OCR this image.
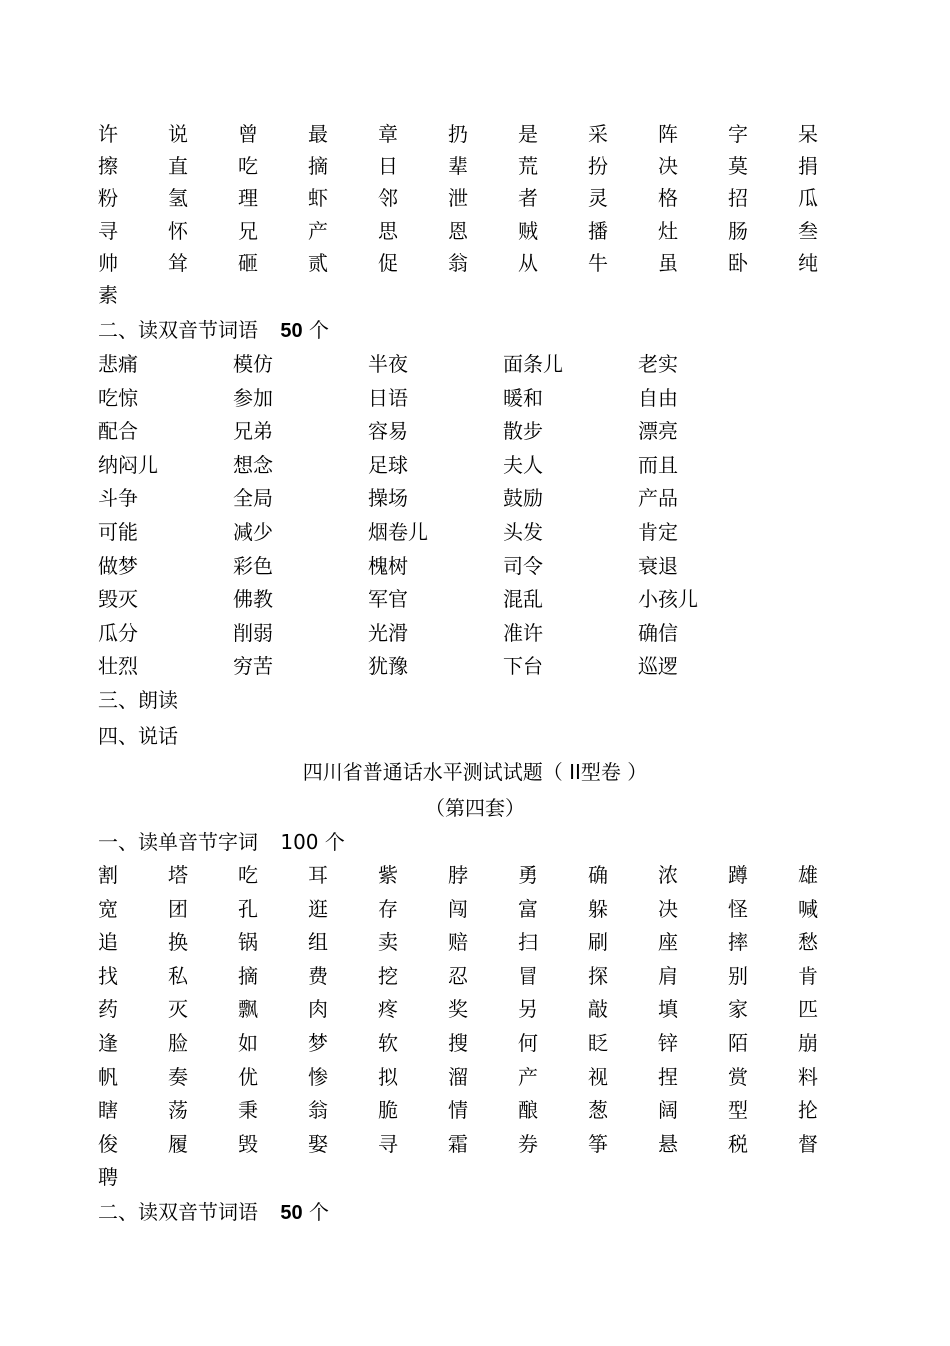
许	说	曾	最	章	扔	是	采	阵	字	呆
擦	直	吃	摘	日	辈	荒	扮	决	莫	捐
粉	氢	理	虾	邻	泄	者	灵	格	招	瓜
寻	怀	兄	产	思	恩	贼	播	灶	肠	叁
帅	耸	砸	贰	促	翁	从	牛	虽	卧	纯
素
二、读双音节词语 50 个
悲痛	模仿	半夜	面条儿	老实
吃惊	参加	日语	暖和	自由
配合	兄弟	容易	散步	漂亮
纳闷儿	想念	足球	夫人	而且
斗争	全局	操场	鼓励	产品
可能	减少	烟卷儿	头发	肯定
做梦	彩色	槐树	司令	衰退
毁灭	佛教	军官	混乱	小孩儿
瓜分	削弱	光滑	准许	确信
壮烈	穷苦	犹豫	下台	巡逻
三、朗读
四、说话
四川省普通话水平测试试题（ II型卷 ）
（第四套）
一、读单音节字词 100 个
割	塔	吃	耳	紫	脖	勇	确	浓	蹲	雄
宽	团	孔	逛	存	闯	富	躲	决	怪	喊
追	换	锅	组	卖	赔	扫	刷	座	摔	愁
找	私	摘	费	挖	忍	冒	探	肩	别	肯
药	灭	飘	肉	疼	奖	另	敲	填	家	匹
逢	脸	如	梦	软	搜	何	眨	锌	陌	崩
帆	奏	优	惨	拟	溜	产	视	捏	赏	料
瞎	荡	秉	翁	脆	情	酿	葱	阔	型	抡
俊	履	毁	娶	寻	霜	券	筝	悬	税	督
聘
二、读双音节词语 50 个
